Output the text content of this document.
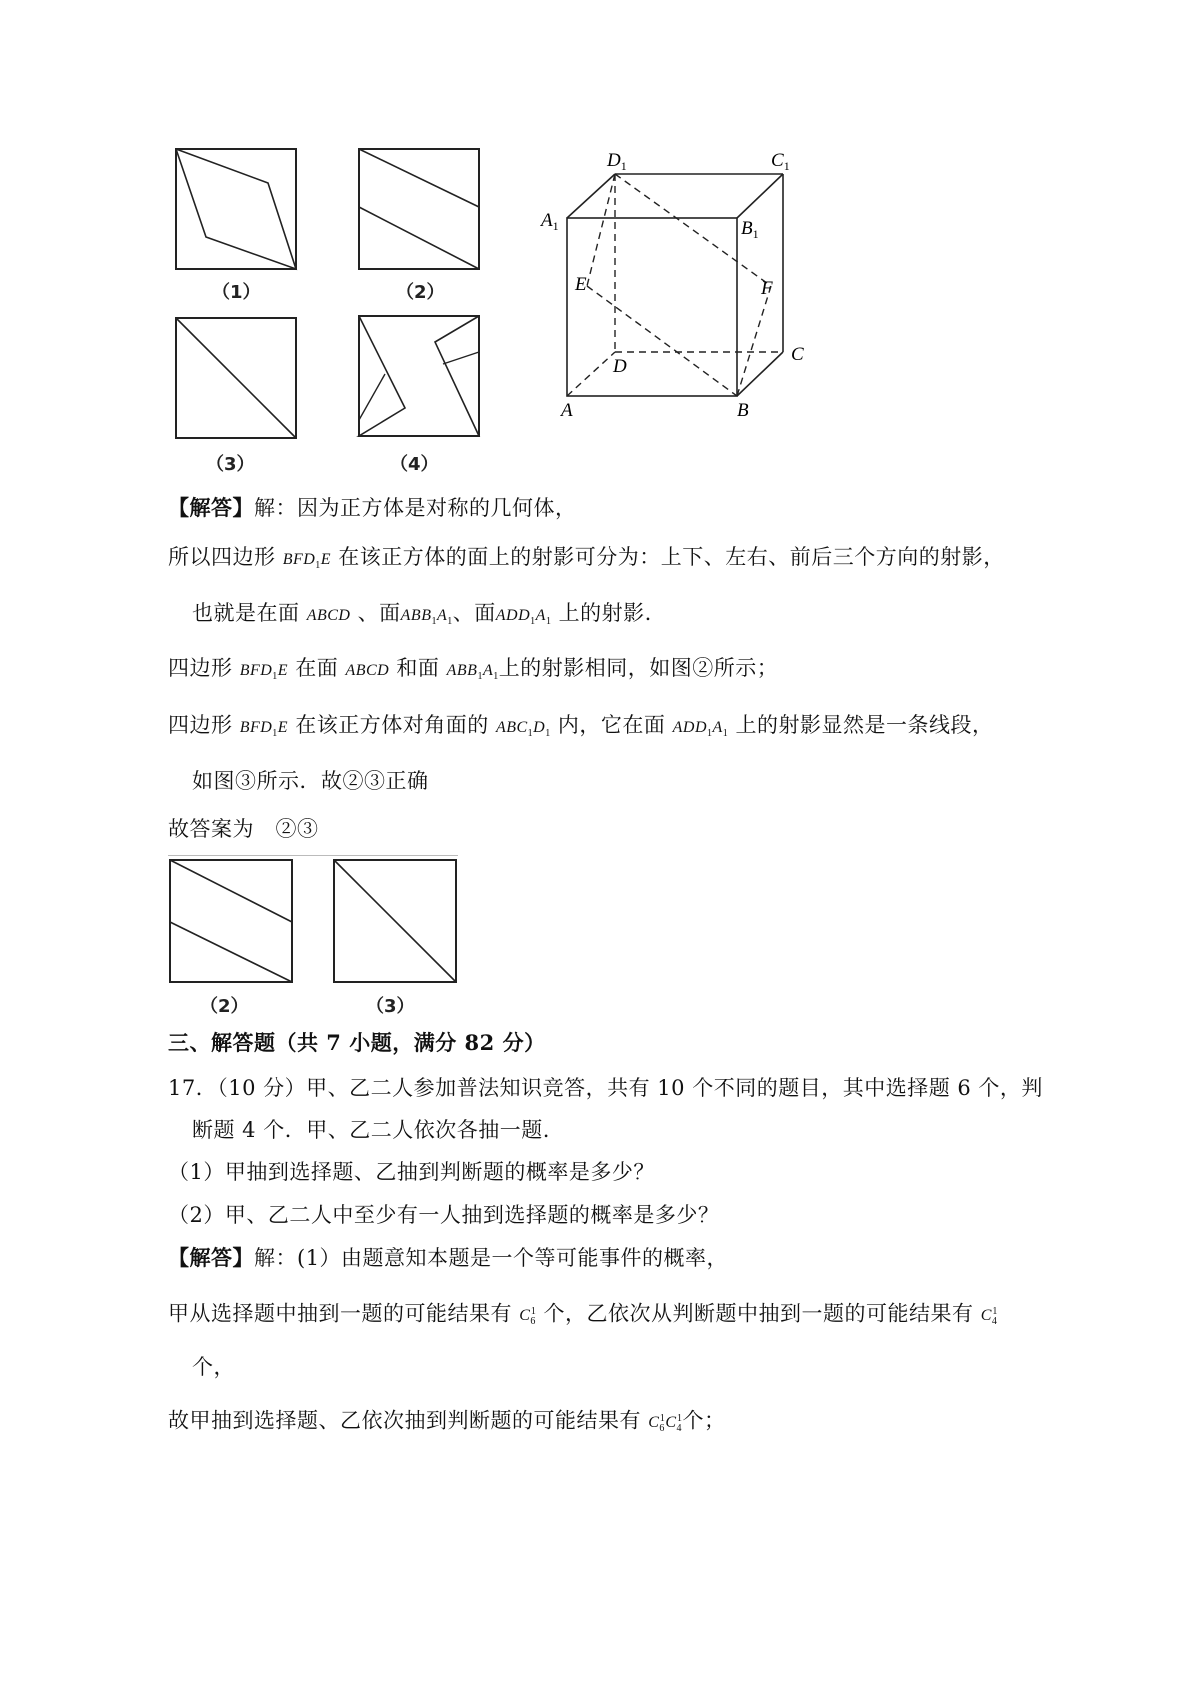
（1）	（2）
（3）	（4）
$D_1$	$C_1$
$A_1$	$B_1$
E	F
D
C
A	B
【解答】解：因为正方体是对称的几何体，
所以四边形 $BFD_1E$ 在该正方体的面上的射影可分为：上下、左右、前后三个方向的射影，
也就是在面 ABCD 、面$ABB_1A_1$、面$ADD_1A_1$ 上的射影.
四边形 $BFD_1E$ 在面 ABCD 和面 $ABB_1A_1$上的射影相同，如图②所示；
四边形 $BFD_1E$ 在该正方体对角面的 $ABC_1D_1$ 内，它在面 $ADD_1A_1$ 上的射影显然是一条线段，
如图③所示．故②③正确
故答案为　②③
（2）	（3）
三、解答题（共 7 小题，满分 82 分）
17．（10 分）甲、乙二人参加普法知识竞答，共有 10 个不同的题目，其中选择题 6 个，判
断题 4 个．甲、乙二人依次各抽一题.
（1）甲抽到选择题、乙抽到判断题的概率是多少？
（2）甲、乙二人中至少有一人抽到选择题的概率是多少？
【解答】解：(1）由题意知本题是一个等可能事件的概率，
甲从选择题中抽到一题的可能结果有 $C_6^1$ 个，乙依次从判断题中抽到一题的可能结果有 $C_4^1$
个，
故甲抽到选择题、乙依次抽到判断题的可能结果有 $C_6^1C_4^1$个；
